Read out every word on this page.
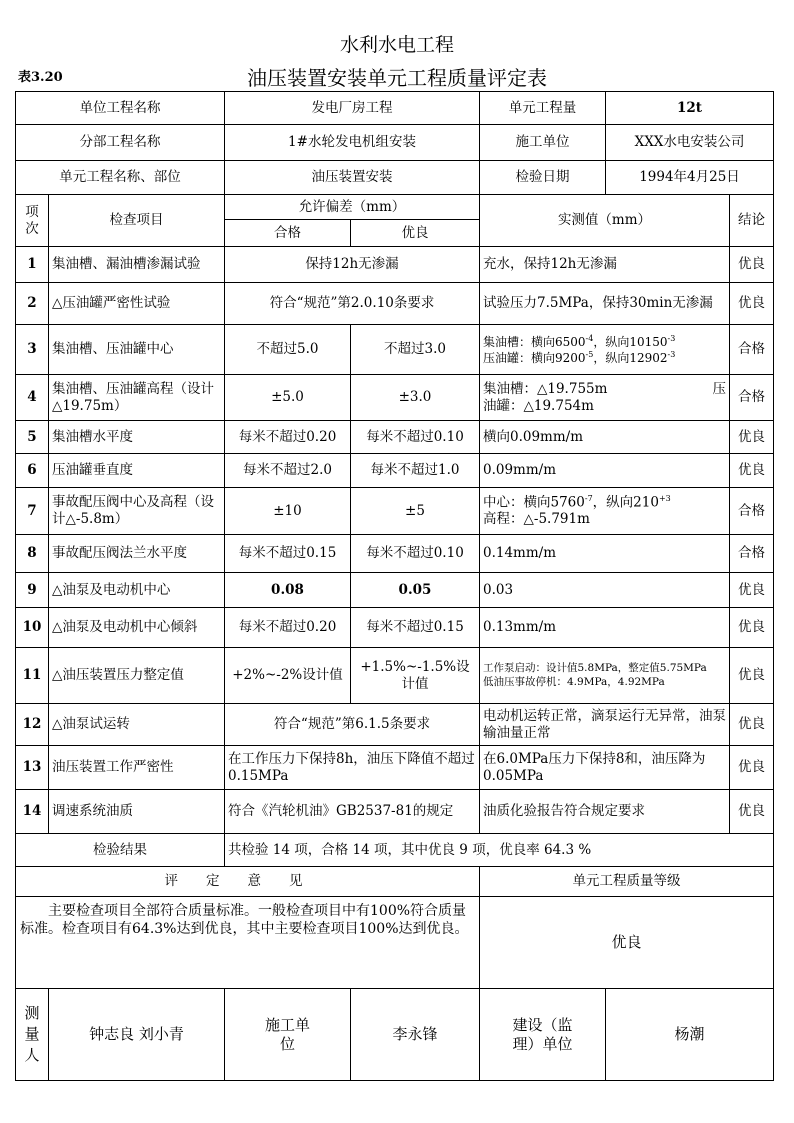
水利水电工程
表3.20	油压装置安装单元工程质量评定表
单位工程名称		发电厂房工程		单元工程量	12t	
分部工程名称		1#水轮发电机组安装		施工单位	XXX水电安装公司	
单元工程名称、部位		油压装置安装		检验日期	1994年4月25日	
项次	检查项目	允许偏差（mm）		实测值（mm）		结论
		合格	优良			
1	集油槽、漏油槽渗漏试验	保持12h无渗漏		充水，保持12h无渗漏		优良
2	△压油罐严密性试验	符合“规范”第2.0.10条要求		试验压力7.5MPa，保持30min无渗漏		优良
3	集油槽、压油罐中心	不超过5.0	不超过3.0	集油槽：横向$6500^{-4}$，纵向$10150^{-3}$
压油罐：横向$9200^{-5}$，纵向$12902^{-3}$		合格
4	集油槽、压油罐高程（设计△19.75m）	±5.0	±3.0	集油槽：△19.755m 压
油罐：△19.754m		合格
5	集油槽水平度	每米不超过0.20	每米不超过0.10	横向0.09mm/m		优良
6	压油罐垂直度	每米不超过2.0	每米不超过1.0	0.09mm/m		优良
7	事故配压阀中心及高程（设计△-5.8m）	±10	±5	中心：横向$5760^{-7}$，纵向$210^{+3}$
高程：△-5.791m		合格
8	事故配压阀法兰水平度	每米不超过0.15	每米不超过0.10	0.14mm/m		合格
9	△油泵及电动机中心	0.08	0.05	0.03		优良
10	△油泵及电动机中心倾斜	每米不超过0.20	每米不超过0.15	0.13mm/m		优良
11	△油压装置压力整定值	+2%~-2%设计值	+1.5%~-1.5%设计值	工作泵启动：设计值5.8MPa，整定值5.75MPa
低油压事故停机：4.9MPa，4.92MPa		优良
12	△油泵试运转	符合“规范”第6.1.5条要求		电动机运转正常，滴泵运行无异常，油泵输油量正常		优良
13	油压装置工作严密性	在工作压力下保持8h，油压下降值不超过0.15MPa		在6.0MPa压力下保持8和，油压降为0.05MPa		优良
14	调速系统油质	符合《汽轮机油》GB2537-81的规定		油质化验报告符合规定要求		优良
检验结果		共检验 14 项，合格 14 项，其中优良 9 项，优良率 64.3 %				
评定意见				单元工程质量等级		
主要检查项目全部符合质量标准。一般检查项目中有100%符合质量标准。检查项目有64.3%达到优良，其中主要检查项目100%达到优良。				优良		
测量人	钟志良 刘小青	施工单位	李永锋	建设（监理）单位	杨潮	
